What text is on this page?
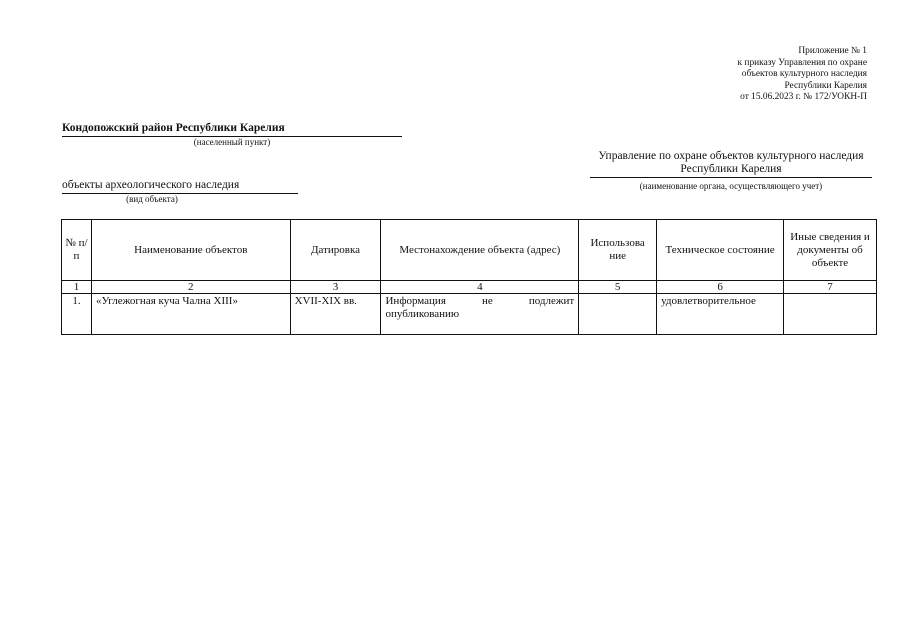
Приложение № 1
к приказу Управления по охране
объектов культурного наследия
Республики Карелия
от 15.06.2023 г. № 172/УОКН-П
Кондопожский район Республики Карелия
(населенный пункт)
Управление по охране объектов культурного наследия Республики Карелия
(наименование органа, осуществляющего учет)
объекты археологического наследия
(вид объекта)
№ п/п	Наименование объектов	Датировка	Местонахождение объекта (адрес)	Использова ние	Техническое состояние	Иные сведения и документы об объекте
1	2	3	4	5	6	7
1.	«Углежогная куча Чална XIII»	XVII-XIX вв.	Информация не подлежит опубликованию		удовлетворительное	
